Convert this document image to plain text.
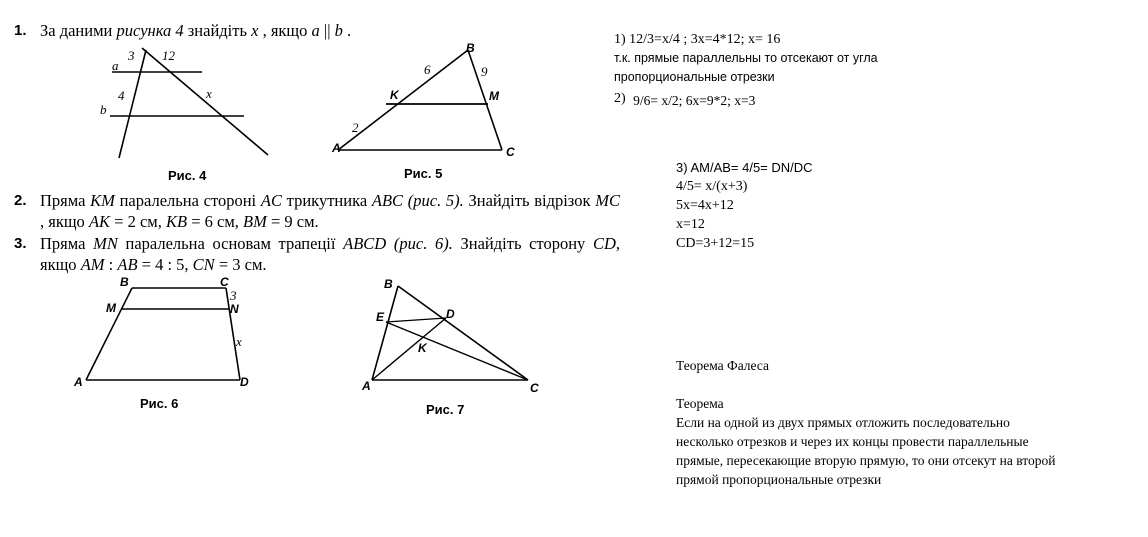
1. За даними рисунка 4 знайдіть x , якщо a || b .
2. Пряма KM паралельна стороні AC трикутника ABC (рис. 5). Знайдіть відрізок MC , якщо AK = 2 см, KB = 6 см, BM = 9 см.
3. Пряма MN паралельна основам трапеції ABCD (рис. 6). Знайдіть сторону CD, якщо AM : AB = 4 : 5, CN = 3 см.
3 12
a
4
b
x
Рис. 4
B
6	9
K	M
2
A	C
Рис. 5
B	C
3
M	N
x
A	D
Рис. 6
B
E	D
K
A	C
Рис. 7
1) 12/3=x/4 ; 3x=4*12; x= 16
т.к. прямые параллельны то отсекают от угла
пропорциональные отрезки
2) 9/6= x/2; 6x=9*2; x=3
3) AM/AB= 4/5= DN/DC
4/5= x/(x+3)
5x=4x+12
x=12
CD=3+12=15
Теорема Фалеса
Теорема
Если на одной из двух прямых отложить последовательно
несколько отрезков и через их концы провести параллельные
прямые, пересекающие вторую прямую, то они отсекут на второй
прямой пропорциональные отрезки
